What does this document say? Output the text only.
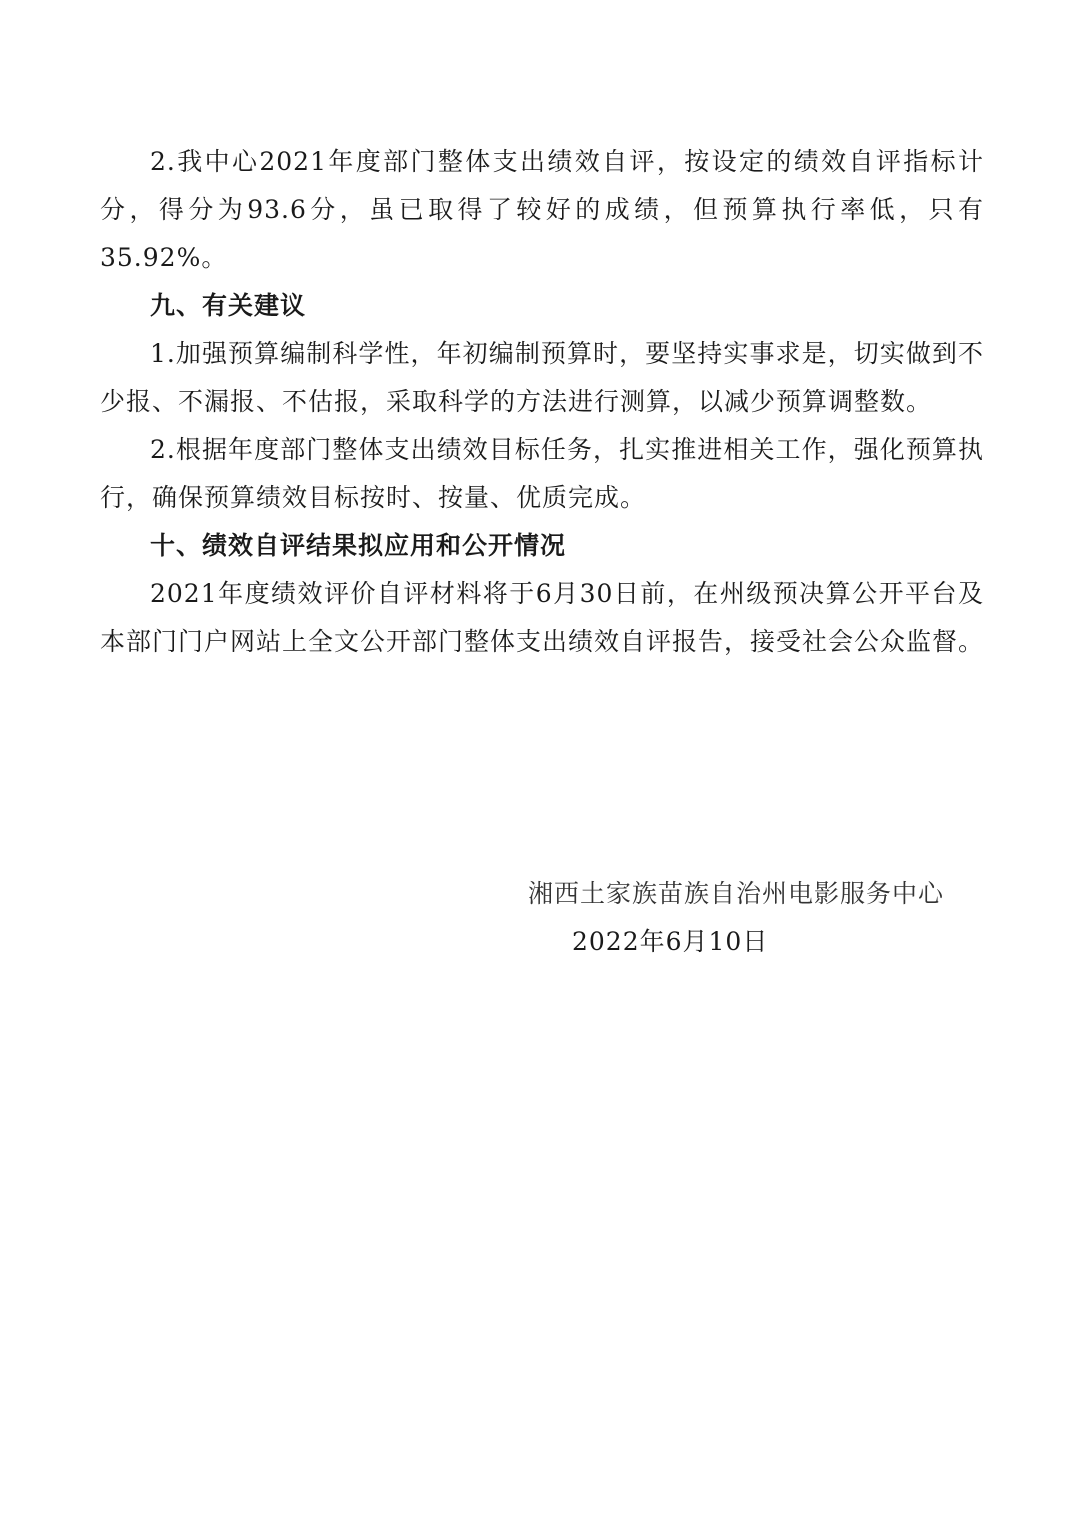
2.我中心2021年度部门整体支出绩效自评，按设定的绩效自评指标计分，得分为93.6分，虽已取得了较好的成绩，但预算执行率低，只有35.92%。

九、有关建议

1.加强预算编制科学性，年初编制预算时，要坚持实事求是，切实做到不少报、不漏报、不估报，采取科学的方法进行测算，以减少预算调整数。

2.根据年度部门整体支出绩效目标任务，扎实推进相关工作，强化预算执行，确保预算绩效目标按时、按量、优质完成。

十、绩效自评结果拟应用和公开情况

2021年度绩效评价自评材料将于6月30日前，在州级预决算公开平台及本部门门户网站上全文公开部门整体支出绩效自评报告，接受社会公众监督。

湘西土家族苗族自治州电影服务中心

2022年6月10日
